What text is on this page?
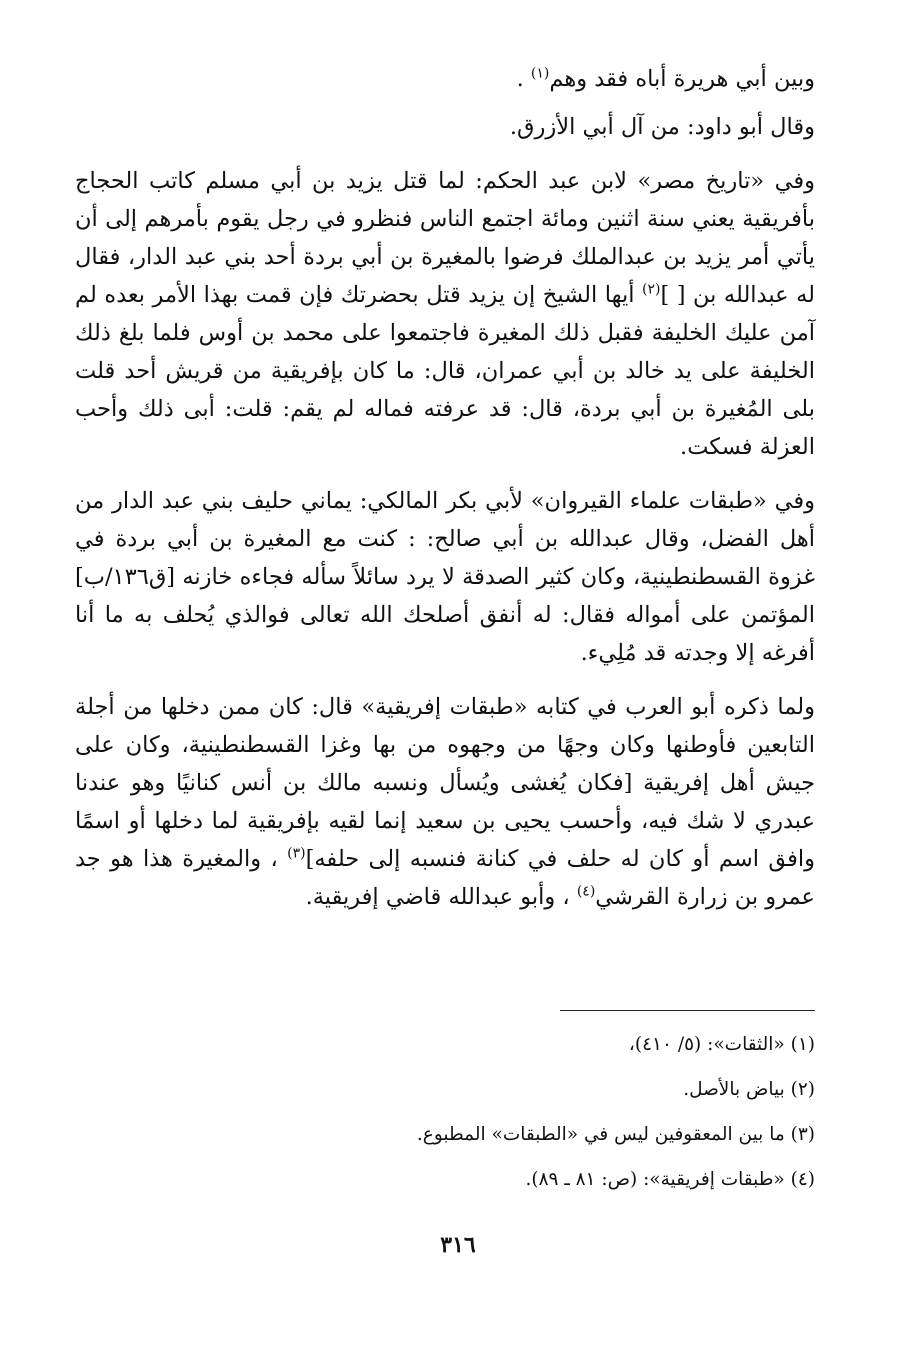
وبين أبي هريرة أباه فقد وهم$^{(١)}$ .

وقال أبو داود: من آل أبي الأزرق.

وفي «تاريخ مصر» لابن عبد الحكم: لما قتل يزيد بن أبي مسلم كاتب الحجاج بأفريقية يعني سنة اثنين ومائة اجتمع الناس فنظرو في رجل يقوم بأمرهم إلى أن يأتي أمر يزيد بن عبدالملك فرضوا بالمغيرة بن أبي بردة أحد بني عبد الدار، فقال له عبدالله بن [ ]$^{(٢)}$ أيها الشيخ إن يزيد قتل بحضرتك فإن قمت بهذا الأمر بعده لم آمن عليك الخليفة فقبل ذلك المغيرة فاجتمعوا على محمد بن أوس فلما بلغ ذلك الخليفة على يد خالد بن أبي عمران، قال: ما كان بإفريقية من قريش أحد قلت بلى المُغيرة بن أبي بردة، قال: قد عرفته فماله لم يقم: قلت: أبى ذلك وأحب العزلة فسكت.

وفي «طبقات علماء القيروان» لأبي بكر المالكي: يماني حليف بني عبد الدار من أهل الفضل، وقال عبدالله بن أبي صالح: : كنت مع المغيرة بن أبي بردة في غزوة القسطنطينية، وكان كثير الصدقة لا يرد سائلاً سأله فجاءه خازنه [ق١٣٦/ب] المؤتمن على أمواله فقال: له أنفق أصلحك الله تعالى فوالذي يُحلف به ما أنا أفرغه إلا وجدته قد مُلِيء.

ولما ذكره أبو العرب في كتابه «طبقات إفريقية» قال: كان ممن دخلها من أجلة التابعين فأوطنها وكان وجهًا من وجهوه من بها وغزا القسطنطينية، وكان على جيش أهل إفريقية [فكان يُغشى ويُسأل ونسبه مالك بن أنس كنانيًا وهو عندنا عبدري لا شك فيه، وأحسب يحيى بن سعيد إنما لقيه بإفريقية لما دخلها أو اسمًا وافق اسم أو كان له حلف في كنانة فنسبه إلى حلفه]$^{(٣)}$ ، والمغيرة هذا هو جد عمرو بن زرارة القرشي$^{(٤)}$ ، وأبو عبدالله قاضي إفريقية.

(١) «الثقات»: (٥/ ٤١٠)،
(٢) بياض بالأصل.
(٣) ما بين المعقوفين ليس في «الطبقات» المطبوع.
(٤) «طبقات إفريقية»: (ص: ٨١ ـ ٨٩).
٣١٦
